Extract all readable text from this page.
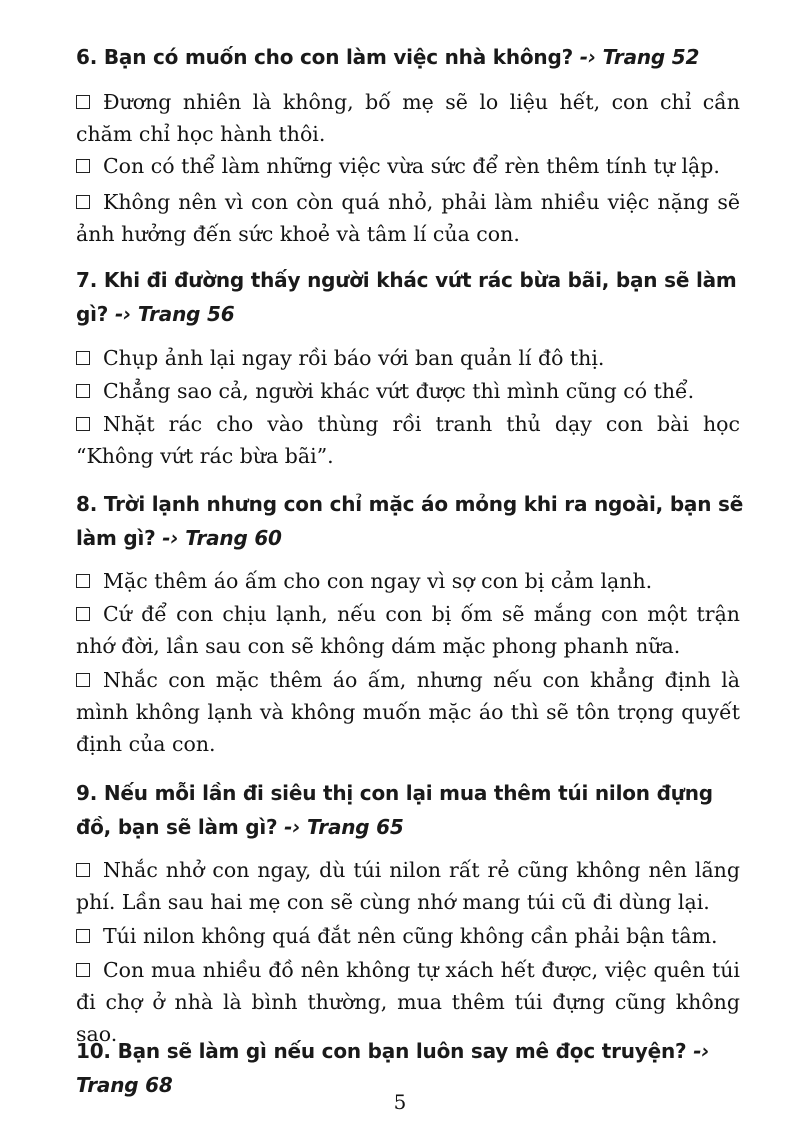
6. Bạn có muốn cho con làm việc nhà không? -› Trang 52
Đương nhiên là không, bố mẹ sẽ lo liệu hết, con chỉ cần chăm chỉ học hành thôi.
Con có thể làm những việc vừa sức để rèn thêm tính tự lập.
Không nên vì con còn quá nhỏ, phải làm nhiều việc nặng sẽ ảnh hưởng đến sức khoẻ và tâm lí của con.
7. Khi đi đường thấy người khác vứt rác bừa bãi, bạn sẽ làm gì? -› Trang 56
Chụp ảnh lại ngay rồi báo với ban quản lí đô thị.
Chẳng sao cả, người khác vứt được thì mình cũng có thể.
Nhặt rác cho vào thùng rồi tranh thủ dạy con bài học “Không vứt rác bừa bãi”.
8. Trời lạnh nhưng con chỉ mặc áo mỏng khi ra ngoài, bạn sẽ làm gì? -› Trang 60
Mặc thêm áo ấm cho con ngay vì sợ con bị cảm lạnh.
Cứ để con chịu lạnh, nếu con bị ốm sẽ mắng con một trận nhớ đời, lần sau con sẽ không dám mặc phong phanh nữa.
Nhắc con mặc thêm áo ấm, nhưng nếu con khẳng định là mình không lạnh và không muốn mặc áo thì sẽ tôn trọng quyết định của con.
9. Nếu mỗi lần đi siêu thị con lại mua thêm túi nilon đựng đồ, bạn sẽ làm gì? -› Trang 65
Nhắc nhở con ngay, dù túi nilon rất rẻ cũng không nên lãng phí. Lần sau hai mẹ con sẽ cùng nhớ mang túi cũ đi dùng lại.
Túi nilon không quá đắt nên cũng không cần phải bận tâm.
Con mua nhiều đồ nên không tự xách hết được, việc quên túi đi chợ ở nhà là bình thường, mua thêm túi đựng cũng không sao.
10. Bạn sẽ làm gì nếu con bạn luôn say mê đọc truyện? -› Trang 68
5
